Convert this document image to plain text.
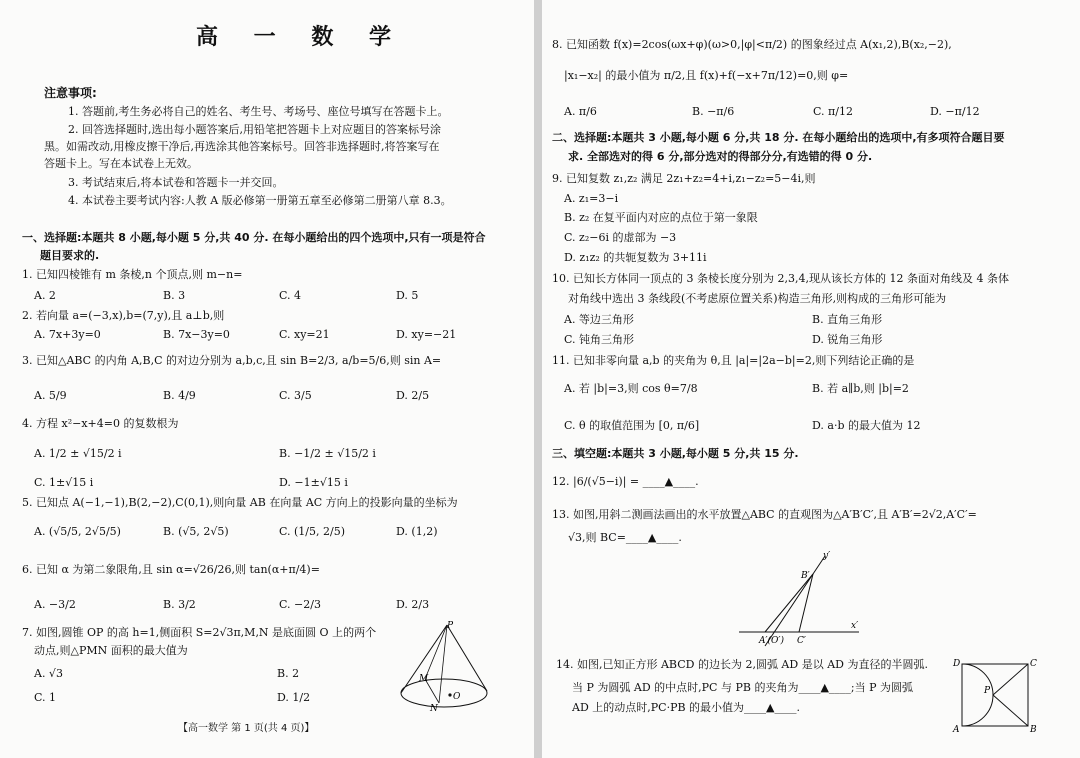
高 一 数 学
注意事项:
1. 答题前,考生务必将自己的姓名、考生号、考场号、座位号填写在答题卡上。
2. 回答选择题时,选出每小题答案后,用铅笔把答题卡上对应题目的答案标号涂
黑。如需改动,用橡皮擦干净后,再选涂其他答案标号。回答非选择题时,将答案写在
答题卡上。写在本试卷上无效。
3. 考试结束后,将本试卷和答题卡一并交回。
4. 本试卷主要考试内容:人教 A 版必修第一册第五章至必修第二册第八章 8.3。
一、选择题:本题共 8 小题,每小题 5 分,共 40 分. 在每小题给出的四个选项中,只有一项是符合
题目要求的.
1. 已知四棱锥有 m 条棱,n 个顶点,则 m−n=
A. 2	B. 3	C. 4	D. 5
2. 若向量 a=(−3,x),b=(7,y),且 a⊥b,则
A. 7x+3y=0	B. 7x−3y=0	C. xy=21	D. xy=−21
3. 已知△ABC 的内角 A,B,C 的对边分别为 a,b,c,且 sin B=2/3, a/b=5/6,则 sin A=
A. 5/9	B. 4/9	C. 3/5	D. 2/5
4. 方程 x²−x+4=0 的复数根为
A. 1/2 ± √15/2 i	B. −1/2 ± √15/2 i
C. 1±√15 i	D. −1±√15 i
5. 已知点 A(−1,−1),B(2,−2),C(0,1),则向量 AB 在向量 AC 方向上的投影向量的坐标为
A. (√5/5, 2√5/5)	B. (√5, 2√5)	C. (1/5, 2/5)	D. (1,2)
6. 已知 α 为第二象限角,且 sin α=√26/26,则 tan(α+π/4)=
A. −3/2	B. 3/2	C. −2/3	D. 2/3
7. 如图,圆锥 OP 的高 h=1,侧面积 S=2√3π,M,N 是底面圆 O 上的两个
动点,则△PMN 面积的最大值为
A. √3	B. 2
C. 1	D. 1/2
P
M
N
O
【高一数学 第 1 页(共 4 页)】
8. 已知函数 f(x)=2cos(ωx+φ)(ω>0,|φ|<π/2) 的图象经过点 A(x₁,2),B(x₂,−2),
|x₁−x₂| 的最小值为 π/2,且 f(x)+f(−x+7π/12)=0,则 φ=
A. π/6	B. −π/6	C. π/12	D. −π/12
二、选择题:本题共 3 小题,每小题 6 分,共 18 分. 在每小题给出的选项中,有多项符合题目要
求. 全部选对的得 6 分,部分选对的得部分分,有选错的得 0 分.
9. 已知复数 z₁,z₂ 满足 2z₁+z₂=4+i,z₁−z₂=5−4i,则
A. z₁=3−i
B. z₂ 在复平面内对应的点位于第一象限
C. z₂−6i 的虚部为 −3
D. z₁z₂ 的共轭复数为 3+11i
10. 已知长方体同一顶点的 3 条棱长度分别为 2,3,4,现从该长方体的 12 条面对角线及 4 条体
对角线中选出 3 条线段(不考虑原位置关系)构造三角形,则构成的三角形可能为
A. 等边三角形	B. 直角三角形
C. 钝角三角形	D. 锐角三角形
11. 已知非零向量 a,b 的夹角为 θ,且 |a|=|2a−b|=2,则下列结论正确的是
A. 若 |b|=3,则 cos θ=7/8	B. 若 a∥b,则 |b|=2
C. θ 的取值范围为 [0, π/6]	D. a·b 的最大值为 12
三、填空题:本题共 3 小题,每小题 5 分,共 15 分.
12. |6/(√5−i)| = ____▲____.
13. 如图,用斜二测画法画出的水平放置△ABC 的直观图为△A′B′C′,且 A′B′=2√2,A′C′=
√3,则 BC=____▲____.
y′
x′
B′
A′(O′) C′
14. 如图,已知正方形 ABCD 的边长为 2,圆弧 AD 是以 AD 为直径的半圆弧.
当 P 为圆弧 AD 的中点时,PC 与 PB 的夹角为____▲____;当 P 为圆弧
AD 上的动点时,PC·PB 的最小值为____▲____.
D	C
A	B
P
